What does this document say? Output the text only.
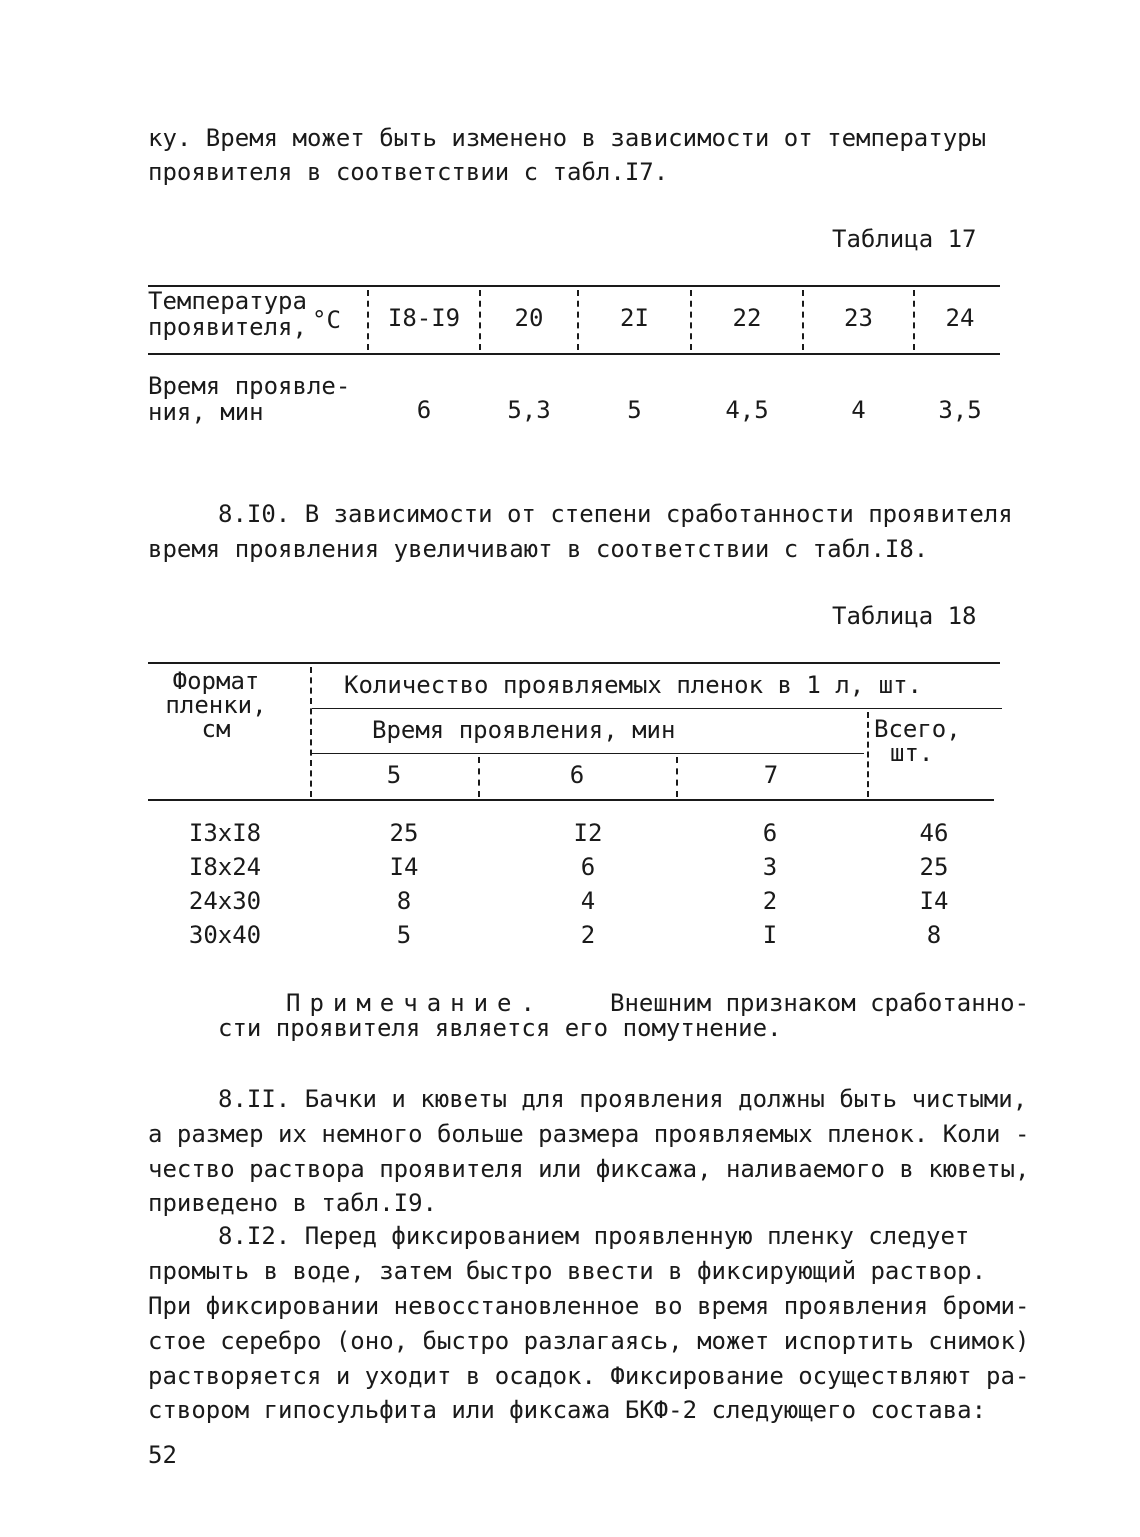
ку. Время может быть изменено в зависимости от температуры
проявителя в соответствии с табл.I7.
Таблица 17
Температура
проявителя, °C	I8-I9	20	2I	22	23	24
Время проявле-
ния, мин	6	5,3	5	4,5	4	3,5
8.I0. В зависимости от степени сработанности проявителя
время проявления увеличивают в соответствии с табл.I8.
Таблица 18
Формат
пленки,
см
Количество проявляемых пленок в 1 л, шт.
Время проявления, мин	Всего,
шт.
5	6	7
I3xI8	25	I2	6	46
I8x24	I4	6	3	25
24x30	8	4	2	I4
30x40	5	2	I	8
Примечание.	Внешним признаком сработанно-
сти проявителя является его помутнение.
8.II. Бачки и кюветы для проявления должны быть чистыми,
а размер их немного больше размера проявляемых пленок. Коли -
чество раствора проявителя или фиксажа, наливаемого в кюветы,
приведено в табл.I9.
8.I2. Перед фиксированием проявленную пленку следует
промыть в воде, затем быстро ввести в фиксирующий раствор.
При фиксировании невосстановленное во время проявления броми-
стое серебро (оно, быстро разлагаясь, может испортить снимок)
растворяется и уходит в осадок. Фиксирование осуществляют ра-
створом гипосульфита или фиксажа БКФ-2 следующего состава:
52
